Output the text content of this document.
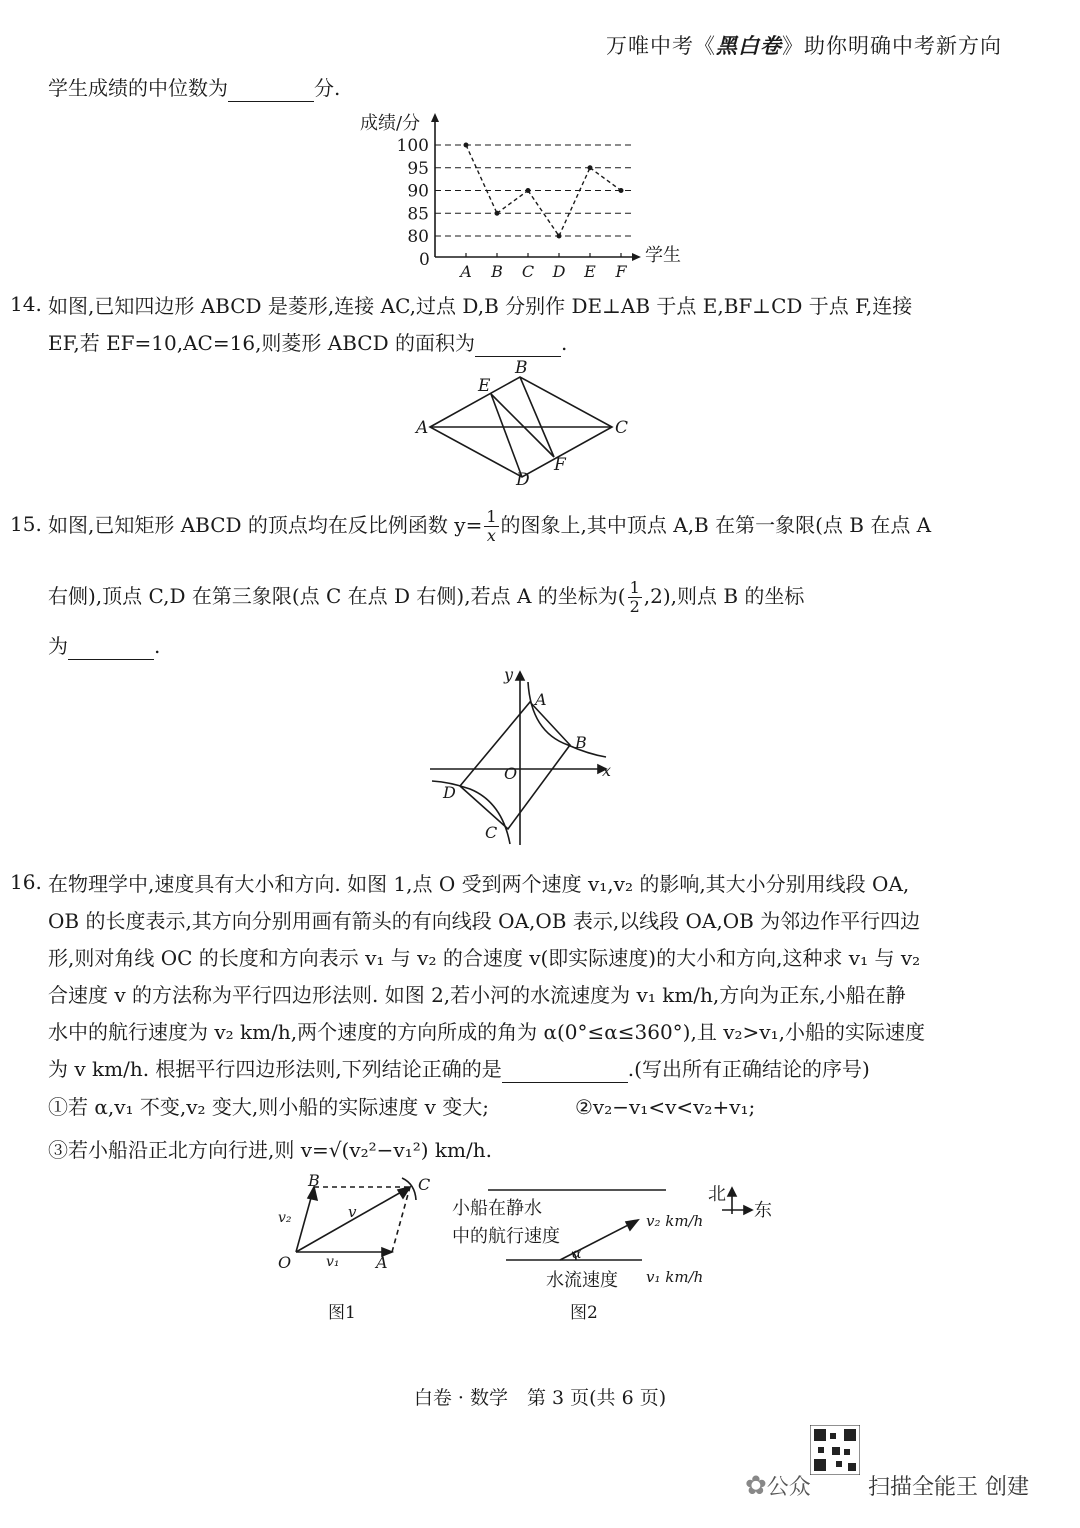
万唯中考《黑白卷》助你明确中考新方向
学生成绩的中位数为	分.
80
85
90
95
100
0
A B C D E F
成绩/分
学生
14. 如图,已知四边形 ABCD 是菱形,连接 AC,过点 D,B 分别作 DE⊥AB 于点 E,BF⊥CD 于点 F,连接
EF,若 EF=10,AC=16,则菱形 ABCD 的面积为	.
A
B
C
D
E
F
15. 如图,已知矩形 ABCD 的顶点均在反比例函数 $y= \frac{1}{x}$ 的图象上,其中顶点 A,B 在第一象限(点 B 在点 A
右侧),顶点 C,D 在第三象限(点 C 在点 D 右侧),若点 A 的坐标为( $\frac{1}{2} ,2$),则点 B 的坐标
为	.
y
x
O
A
B
C
D
16. 在物理学中,速度具有大小和方向. 如图 1,点 O 受到两个速度 v₁,v₂ 的影响,其大小分别用线段 OA,
OB 的长度表示,其方向分别用画有箭头的有向线段 OA,OB 表示,以线段 OA,OB 为邻边作平行四边
形,则对角线 OC 的长度和方向表示 v₁ 与 v₂ 的合速度 v(即实际速度)的大小和方向,这种求 v₁ 与 v₂
合速度 v 的方法称为平行四边形法则. 如图 2,若小河的水流速度为 v₁ km/h,方向为正东,小船在静
水中的航行速度为 v₂ km/h,两个速度的方向所成的角为 α(0°≤α≤360°),且 v₂>v₁,小船的实际速度
为 v km/h. 根据平行四边形法则,下列结论正确的是	.(写出所有正确结论的序号)
①若 α,v₁ 不变,v₂ 变大,则小船的实际速度 v 变大;	②v₂−v₁<v<v₂+v₁;
③若小船沿正北方向行进,则 v=√(v₂²−v₁²) km/h.
B	C
O	A
v
v₁
v₂
图1
小船在静水
中的航行速度
v₂ km/h
α
水流速度 v₁ km/h
北
东
图2
白卷 · 数学　第 3 页(共 6 页)
✿公众	扫描全能王 创建
